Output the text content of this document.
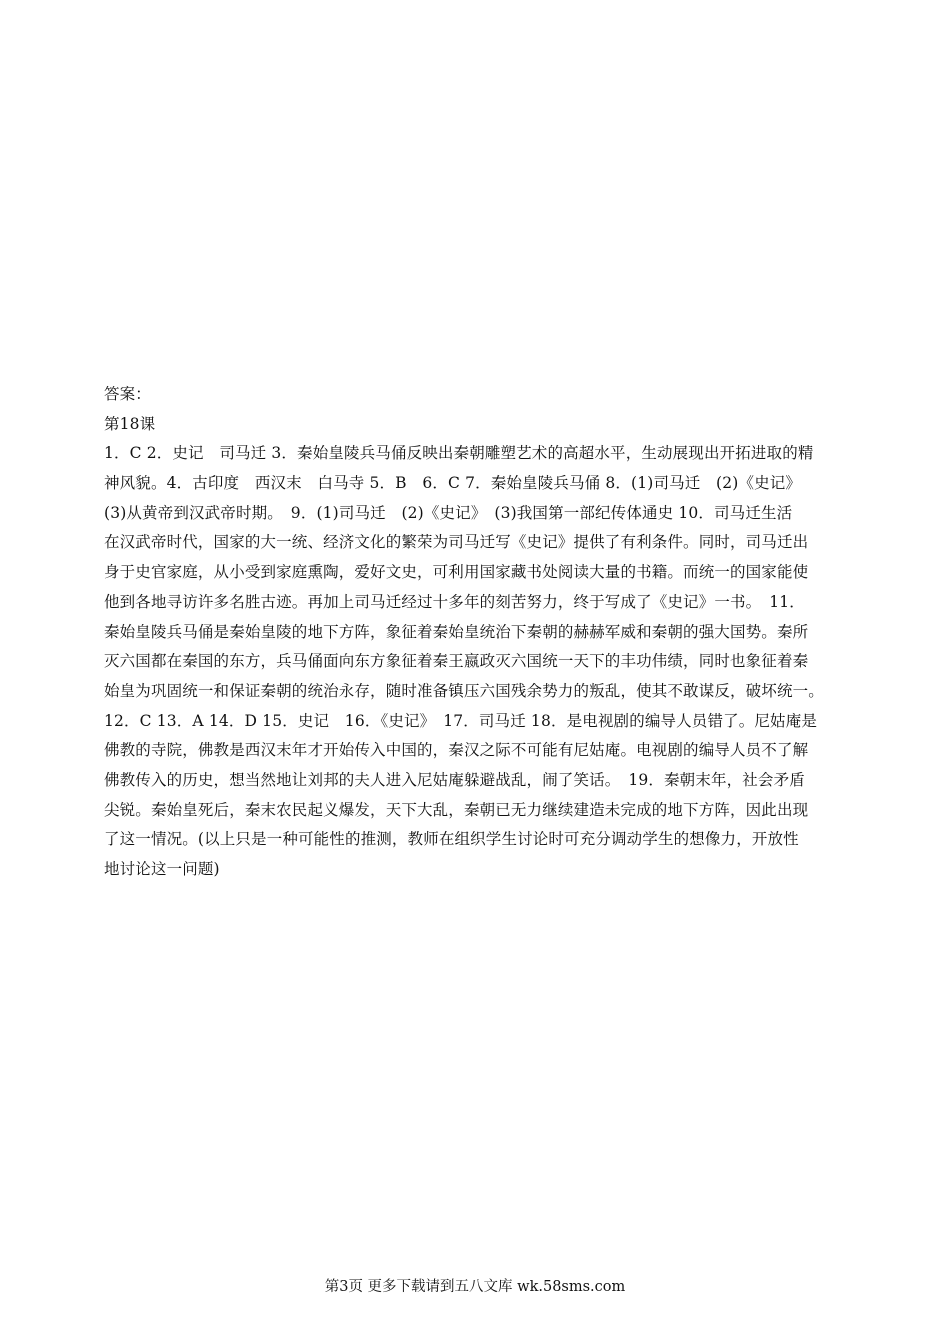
答案：
第18课
1．C 2．史记　司马迁 3．秦始皇陵兵马俑反映出秦朝雕塑艺术的高超水平，生动展现出开拓进取的精
神风貌。4．古印度　西汉末　白马寺 5．B　6．C 7．秦始皇陵兵马俑 8．(1)司马迁　(2)《史记》
(3)从黄帝到汉武帝时期。　9．(1)司马迁　(2)《史记》　(3)我国第一部纪传体通史 10．司马迁生活
在汉武帝时代，国家的大一统、经济文化的繁荣为司马迁写《史记》提供了有利条件。同时，司马迁出
身于史官家庭，从小受到家庭熏陶，爱好文史，可利用国家藏书处阅读大量的书籍。而统一的国家能使
他到各地寻访许多名胜古迹。再加上司马迁经过十多年的刻苦努力，终于写成了《史记》一书。　11．
秦始皇陵兵马俑是秦始皇陵的地下方阵，象征着秦始皇统治下秦朝的赫赫军威和秦朝的强大国势。秦所
灭六国都在秦国的东方，兵马俑面向东方象征着秦王嬴政灭六国统一天下的丰功伟绩，同时也象征着秦
始皇为巩固统一和保证秦朝的统治永存，随时准备镇压六国残余势力的叛乱，使其不敢谋反，破坏统一。
12．C 13．A 14．D 15．史记　16．《史记》　17．司马迁 18．是电视剧的编导人员错了。尼姑庵是
佛教的寺院，佛教是西汉末年才开始传入中国的，秦汉之际不可能有尼姑庵。电视剧的编导人员不了解
佛教传入的历史，想当然地让刘邦的夫人进入尼姑庵躲避战乱，闹了笑话。　19．秦朝末年，社会矛盾
尖锐。秦始皇死后，秦末农民起义爆发，天下大乱，秦朝已无力继续建造未完成的地下方阵，因此出现
了这一情况。(以上只是一种可能性的推测，教师在组织学生讨论时可充分调动学生的想像力，开放性
地讨论这一问题)
第3页 更多下载请到五八文库 wk.58sms.com
